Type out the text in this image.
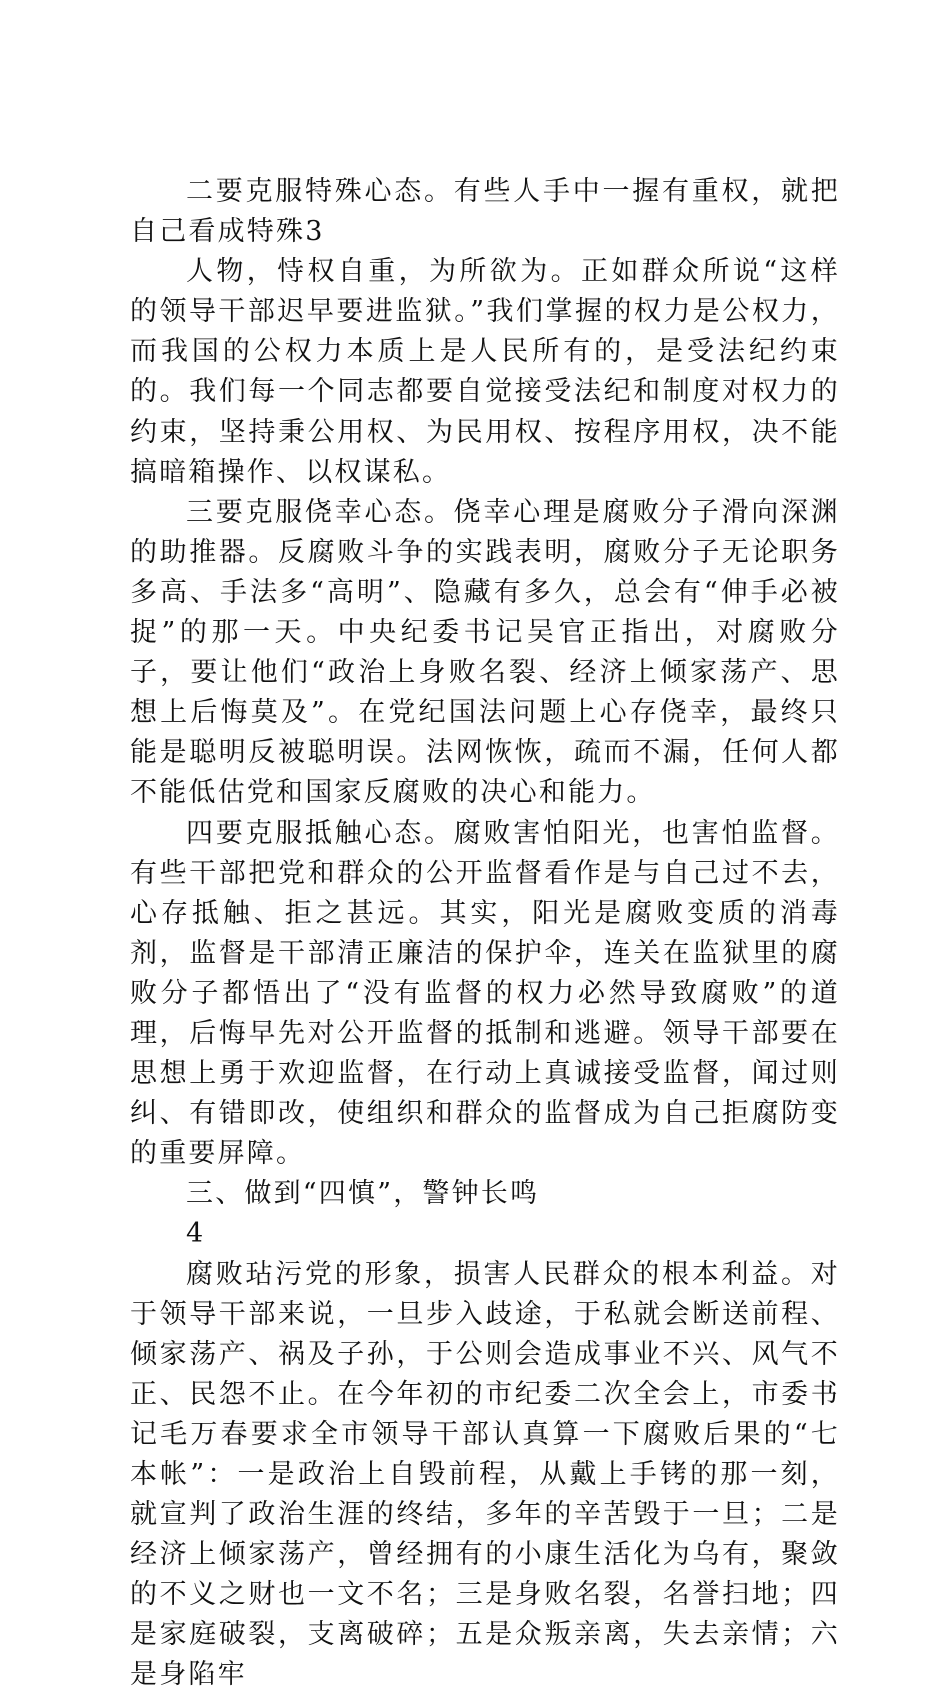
二要克服特殊心态。有些人手中一握有重权，就把自己看成特殊3

人物，恃权自重，为所欲为。正如群众所说“这样的领导干部迟早要进监狱。”我们掌握的权力是公权力，而我国的公权力本质上是人民所有的，是受法纪约束的。我们每一个同志都要自觉接受法纪和制度对权力的约束，坚持秉公用权、为民用权、按程序用权，决不能搞暗箱操作、以权谋私。

三要克服侥幸心态。侥幸心理是腐败分子滑向深渊的助推器。反腐败斗争的实践表明，腐败分子无论职务多高、手法多“高明”、隐藏有多久，总会有“伸手必被捉”的那一天。中央纪委书记吴官正指出，对腐败分子，要让他们“政治上身败名裂、经济上倾家荡产、思想上后悔莫及”。在党纪国法问题上心存侥幸，最终只能是聪明反被聪明误。法网恢恢，疏而不漏，任何人都不能低估党和国家反腐败的决心和能力。

四要克服抵触心态。腐败害怕阳光，也害怕监督。有些干部把党和群众的公开监督看作是与自己过不去，心存抵触、拒之甚远。其实，阳光是腐败变质的消毒剂，监督是干部清正廉洁的保护伞，连关在监狱里的腐败分子都悟出了“没有监督的权力必然导致腐败”的道理，后悔早先对公开监督的抵制和逃避。领导干部要在思想上勇于欢迎监督，在行动上真诚接受监督，闻过则纠、有错即改，使组织和群众的监督成为自己拒腐防变的重要屏障。

三、做到“四慎”，警钟长鸣

4

腐败玷污党的形象，损害人民群众的根本利益。对于领导干部来说，一旦步入歧途，于私就会断送前程、倾家荡产、祸及子孙，于公则会造成事业不兴、风气不正、民怨不止。在今年初的市纪委二次全会上，市委书记毛万春要求全市领导干部认真算一下腐败后果的“七本帐”：一是政治上自毁前程，从戴上手铐的那一刻，就宣判了政治生涯的终结，多年的辛苦毁于一旦；二是经济上倾家荡产，曾经拥有的小康生活化为乌有，聚敛的不义之财也一文不名；三是身败名裂，名誉扫地；四是家庭破裂，支离破碎；五是众叛亲离，失去亲情；六是身陷牢
